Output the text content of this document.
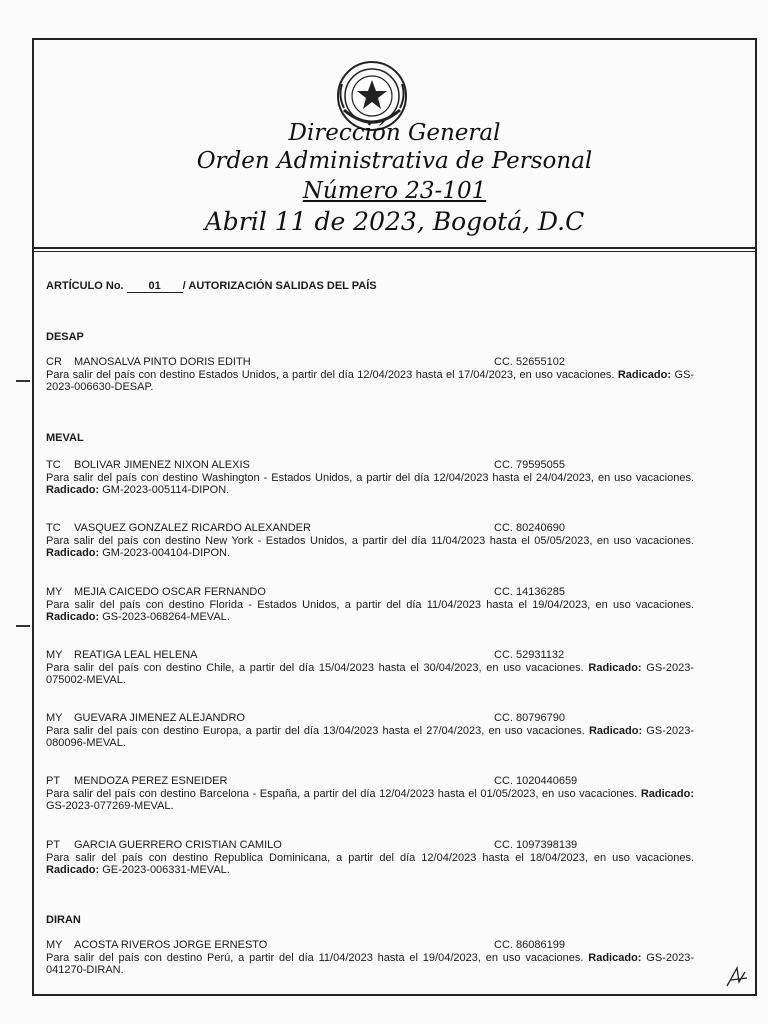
Dirección General
Orden Administrativa de Personal
Número 23-101
Abril 11 de 2023, Bogotá, D.C
ARTÍCULO No. 01 / AUTORIZACIÓN SALIDAS DEL PAÍS
DESAP
CR MANOSALVA PINTO DORIS EDITH	CC. 52655102
Para salir del país con destino Estados Unidos, a partir del día 12/04/2023 hasta el 17/04/2023, en uso vacaciones. Radicado: GS-2023-006630-DESAP.
MEVAL
TC BOLIVAR JIMENEZ NIXON ALEXIS	CC. 79595055
Para salir del país con destino Washington - Estados Unidos, a partir del día 12/04/2023 hasta el 24/04/2023, en uso vacaciones. Radicado: GM-2023-005114-DIPON.
TC VASQUEZ GONZALEZ RICARDO ALEXANDER	CC. 80240690
Para salir del país con destino New York - Estados Unidos, a partir del día 11/04/2023 hasta el 05/05/2023, en uso vacaciones. Radicado: GM-2023-004104-DIPON.
MY MEJIA CAICEDO OSCAR FERNANDO	CC. 14136285
Para salir del país con destino Florida - Estados Unidos, a partir del día 11/04/2023 hasta el 19/04/2023, en uso vacaciones. Radicado: GS-2023-068264-MEVAL.
MY REATIGA LEAL HELENA	CC. 52931132
Para salir del país con destino Chile, a partir del día 15/04/2023 hasta el 30/04/2023, en uso vacaciones. Radicado: GS-2023-075002-MEVAL.
MY GUEVARA JIMENEZ ALEJANDRO	CC. 80796790
Para salir del país con destino Europa, a partir del día 13/04/2023 hasta el 27/04/2023, en uso vacaciones. Radicado: GS-2023-080096-MEVAL.
PT MENDOZA PEREZ ESNEIDER	CC. 1020440659
Para salir del país con destino Barcelona - España, a partir del día 12/04/2023 hasta el 01/05/2023, en uso vacaciones. Radicado: GS-2023-077269-MEVAL.
PT GARCIA GUERRERO CRISTIAN CAMILO	CC. 1097398139
Para salir del país con destino Republica Dominicana, a partir del día 12/04/2023 hasta el 18/04/2023, en uso vacaciones. Radicado: GE-2023-006331-MEVAL.
DIRAN
MY ACOSTA RIVEROS JORGE ERNESTO	CC. 86086199
Para salir del país con destino Perú, a partir del día 11/04/2023 hasta el 19/04/2023, en uso vacaciones. Radicado: GS-2023-041270-DIRAN.
